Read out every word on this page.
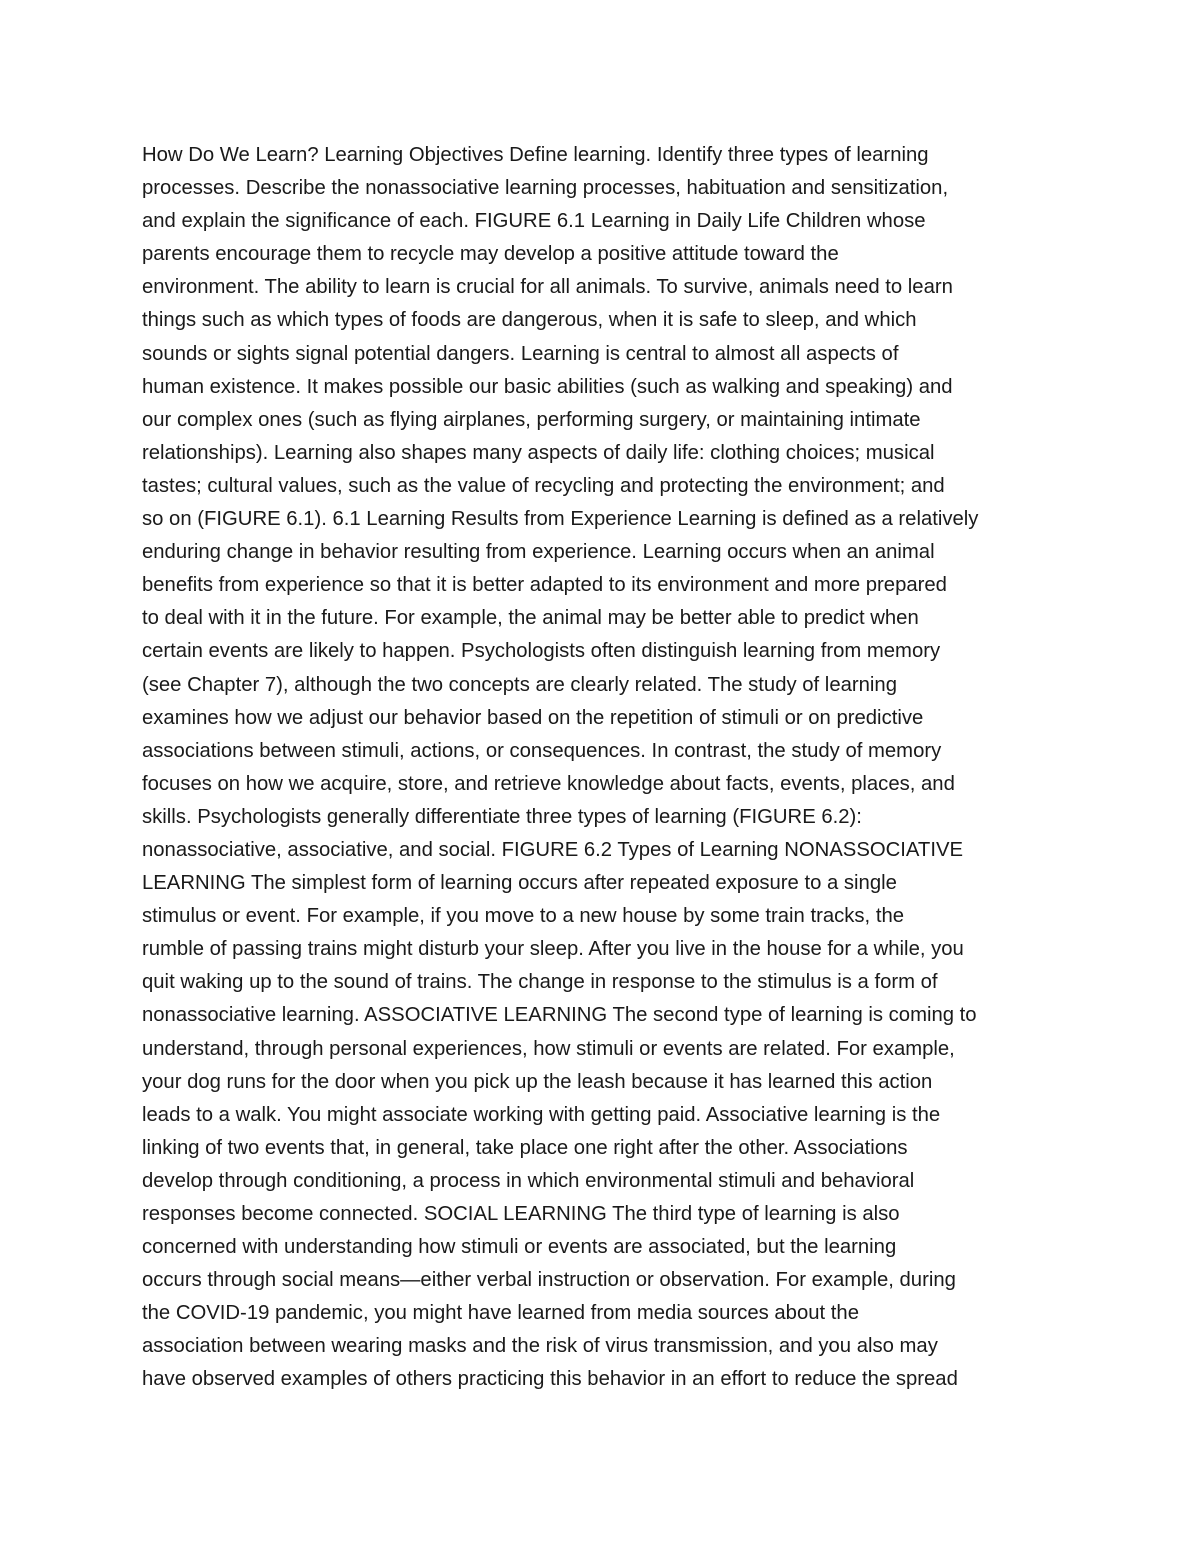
How Do We Learn? Learning Objectives Define learning. Identify three types of learning
processes. Describe the nonassociative learning processes, habituation and sensitization,
and explain the significance of each. FIGURE 6.1 Learning in Daily Life Children whose
parents encourage them to recycle may develop a positive attitude toward the
environment. The ability to learn is crucial for all animals. To survive, animals need to learn
things such as which types of foods are dangerous, when it is safe to sleep, and which
sounds or sights signal potential dangers. Learning is central to almost all aspects of
human existence. It makes possible our basic abilities (such as walking and speaking) and
our complex ones (such as flying airplanes, performing surgery, or maintaining intimate
relationships). Learning also shapes many aspects of daily life: clothing choices; musical
tastes; cultural values, such as the value of recycling and protecting the environment; and
so on (FIGURE 6.1). 6.1 Learning Results from Experience Learning is defined as a relatively
enduring change in behavior resulting from experience. Learning occurs when an animal
benefits from experience so that it is better adapted to its environment and more prepared
to deal with it in the future. For example, the animal may be better able to predict when
certain events are likely to happen. Psychologists often distinguish learning from memory
(see Chapter 7), although the two concepts are clearly related. The study of learning
examines how we adjust our behavior based on the repetition of stimuli or on predictive
associations between stimuli, actions, or consequences. In contrast, the study of memory
focuses on how we acquire, store, and retrieve knowledge about facts, events, places, and
skills. Psychologists generally differentiate three types of learning (FIGURE 6.2):
nonassociative, associative, and social. FIGURE 6.2 Types of Learning NONASSOCIATIVE
LEARNING The simplest form of learning occurs after repeated exposure to a single
stimulus or event. For example, if you move to a new house by some train tracks, the
rumble of passing trains might disturb your sleep. After you live in the house for a while, you
quit waking up to the sound of trains. The change in response to the stimulus is a form of
nonassociative learning. ASSOCIATIVE LEARNING The second type of learning is coming to
understand, through personal experiences, how stimuli or events are related. For example,
your dog runs for the door when you pick up the leash because it has learned this action
leads to a walk. You might associate working with getting paid. Associative learning is the
linking of two events that, in general, take place one right after the other. Associations
develop through conditioning, a process in which environmental stimuli and behavioral
responses become connected. SOCIAL LEARNING The third type of learning is also
concerned with understanding how stimuli or events are associated, but the learning
occurs through social means—either verbal instruction or observation. For example, during
the COVID-19 pandemic, you might have learned from media sources about the
association between wearing masks and the risk of virus transmission, and you also may
have observed examples of others practicing this behavior in an effort to reduce the spread
